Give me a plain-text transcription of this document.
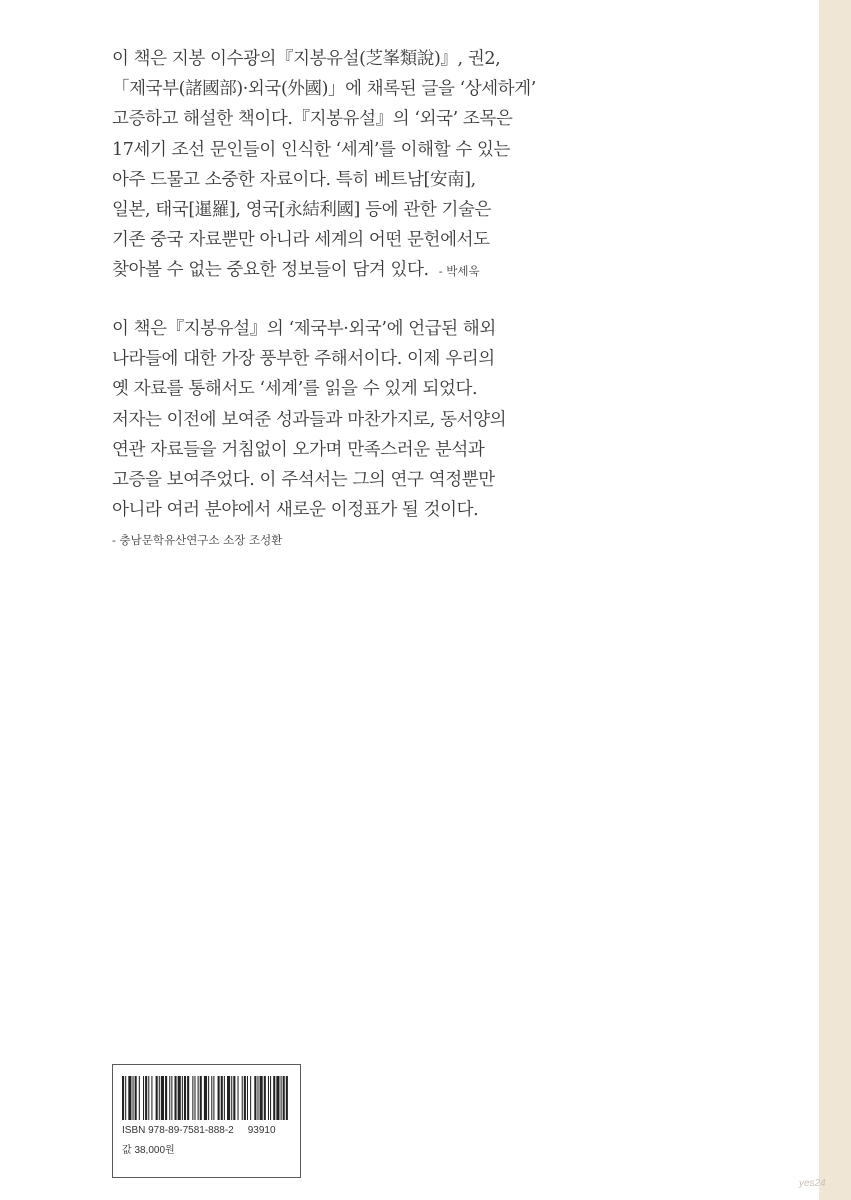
이 책은 지봉 이수광의『지봉유설(芝峯類說)』, 권2,
「제국부(諸國部)·외국(外國)」에 채록된 글을 ‘상세하게’
고증하고 해설한 책이다.『지봉유설』의 ‘외국’ 조목은
17세기 조선 문인들이 인식한 ‘세계’를 이해할 수 있는
아주 드물고 소중한 자료이다. 특히 베트남[安南],
일본, 태국[暹羅], 영국[永結利國] 등에 관한 기술은
기존 중국 자료뿐만 아니라 세계의 어떤 문헌에서도
찾아볼 수 없는 중요한 정보들이 담겨 있다. - 박세욱

이 책은『지봉유설』의 ‘제국부·외국’에 언급된 해외
나라들에 대한 가장 풍부한 주해서이다. 이제 우리의
옛 자료를 통해서도 ‘세계’를 읽을 수 있게 되었다.
저자는 이전에 보여준 성과들과 마찬가지로, 동서양의
연관 자료들을 거침없이 오가며 만족스러운 분석과
고증을 보여주었다. 이 주석서는 그의 연구 역정뿐만
아니라 여러 분야에서 새로운 이정표가 될 것이다.

- 충남문학유산연구소 소장 조성환
ISBN 978-89-7581-888-2 93910
값 38,000원
yes24
